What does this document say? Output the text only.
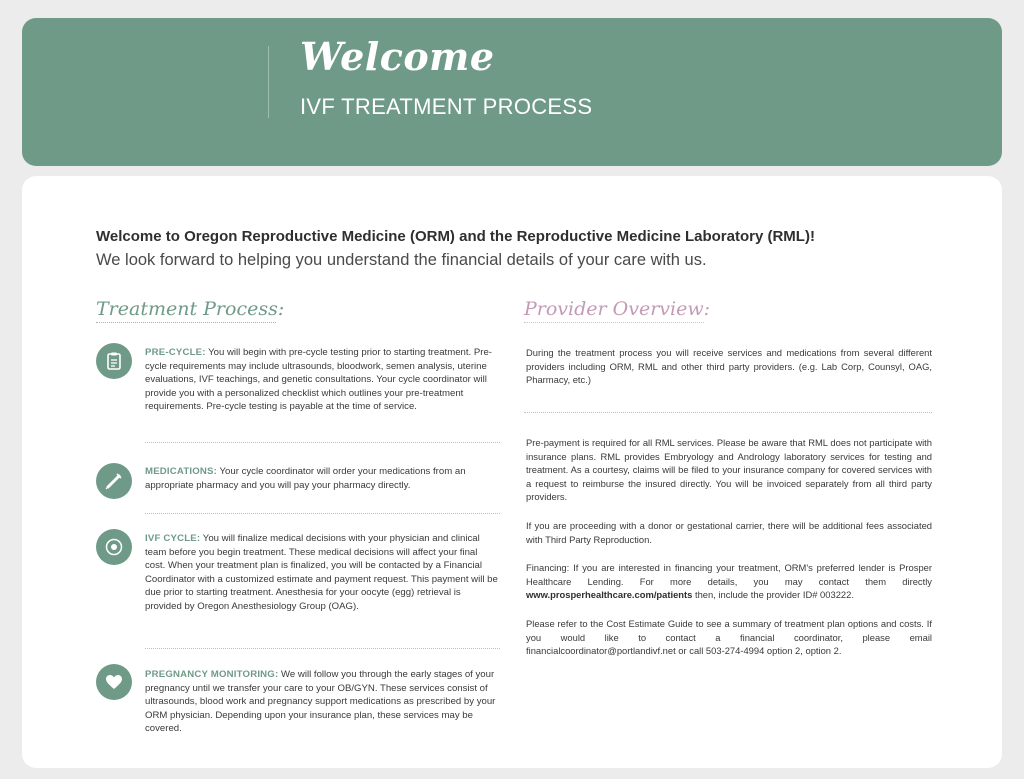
Welcome
IVF TREATMENT PROCESS
Welcome to Oregon Reproductive Medicine (ORM) and the Reproductive Medicine Laboratory (RML)!
We look forward to helping you understand the financial details of your care with us.
Treatment Process:	Provider Overview:
PRE-CYCLE: You will begin with pre-cycle testing prior to starting treatment. Pre-cycle requirements may include ultrasounds, bloodwork, semen analysis, uterine evaluations, IVF teachings, and genetic consultations. Your cycle coordinator will provide you with a personalized checklist which outlines your pre-treatment requirements. Pre-cycle testing is payable at the time of service.
MEDICATIONS: Your cycle coordinator will order your medications from an appropriate pharmacy and you will pay your pharmacy directly.
IVF CYCLE: You will finalize medical decisions with your physician and clinical team before you begin treatment. These medical decisions will affect your final cost. When your treatment plan is finalized, you will be contacted by a Financial Coordinator with a customized estimate and payment request. This payment will be due prior to starting treatment. Anesthesia for your oocyte (egg) retrieval is provided by Oregon Anesthesiology Group (OAG).
PREGNANCY MONITORING: We will follow you through the early stages of your pregnancy until we transfer your care to your OB/GYN. These services consist of ultrasounds, blood work and pregnancy support medications as prescribed by your ORM physician. Depending upon your insurance plan, these services may be covered.
During the treatment process you will receive services and medications from several different providers including ORM, RML and other third party providers. (e.g. Lab Corp, Counsyl, OAG, Pharmacy, etc.)
Pre-payment is required for all RML services. Please be aware that RML does not participate with insurance plans. RML provides Embryology and Andrology laboratory services for testing and treatment. As a courtesy, claims will be filed to your insurance company for covered services with a request to reimburse the insured directly. You will be invoiced separately from all third party providers.
If you are proceeding with a donor or gestational carrier, there will be additional fees associated with Third Party Reproduction.
Financing: If you are interested in financing your treatment, ORM's preferred lender is Prosper Healthcare Lending. For more details, you may contact them directly www.prosperhealthcare.com/patients then, include the provider ID# 003222.
Please refer to the Cost Estimate Guide to see a summary of treatment plan options and costs. If you would like to contact a financial coordinator, please email financialcoordinator@portlandivf.net or call 503-274-4994 option 2, option 2.
